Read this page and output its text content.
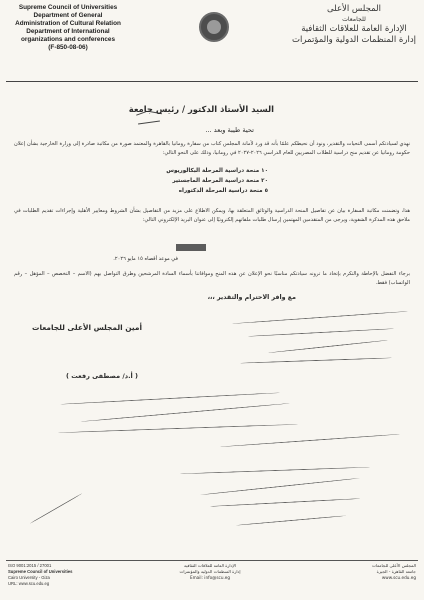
Supreme Council of Universities
Department of General
Administration of Cultural Relation
Department of International
organizations and conferences
(F-850-08-06)
المجلس الأعلى
للجامعات
الإدارة العامة للعلاقات الثقافية
إدارة المنظمات الدولية والمؤتمرات
السيد الأستاذ الدكتور / رئيس جامعة
تحية طيبة وبعد ...
نهدي لسيادتكم أسمى التحيات والتقدير، ونود أن نحيطكم علمًا بأنه قد ورد لأمانة المجلس كتاب من سفارة رومانيا بالقاهرة والمعتمد صورة من مكاتبة صادرة إلى وزارة الخارجية بشأن إعلان حكومة رومانيا عن تقديم منح دراسية للطلاب المصريين للعام الدراسي ٢٠٢٦-٢٠٢٧ في رومانيا، وذلك على النحو التالي:
١٠ منحة دراسية المرحلة البكالوريوس
٢٠ منحة دراسية المرحلة الماجستير
٥ منحة دراسية المرحلة الدكتوراه
هذا، وتضمنت مكاتبة السفارة بيان عن تفاصيل المنحة الدراسية والوثائق المتعلقة بها، ويمكن الاطلاع على مزيد من التفاصيل بشأن الشروط ومعايير الأهلية وإجراءات تقديم الطلبات في ملاحق هذه المذكرة الشفوية، ويرجى من المتقدمين المهتمين إرسال طلبات ملفاتهم إلكترونيًا إلى عنوان البريد الإلكتروني التالي:
في موعد أقصاه ١٥ مايو ٢٠٢٦.
برجاء التفضل بالإحاطة والتكرم بإتخاذ ما ترونه سيادتكم مناسبًا نحو الإعلان عن هذه المنح وموافاتنا بأسماء السادة المرشحين وطرق التواصل بهم (الاسم – التخصص – المؤهل – رقم الواتساب) فقط.
مع وافر الاحترام والتقدير ،،،
أمين المجلس الأعلى للجامعات
( أ.د/ مصطفى رفعت )
ISO 9001:2015 / 27001
Supreme Council of Universities
Cairo University - Giza
URL: www.scu.edu.eg
الإدارة العامة للعلاقات الثقافية
إدارة المنظمات الدولية والمؤتمرات
Email: info@scu.eg
المجلس الأعلى للجامعات
جامعة القاهرة - الجيزة
www.scu.edu.eg
